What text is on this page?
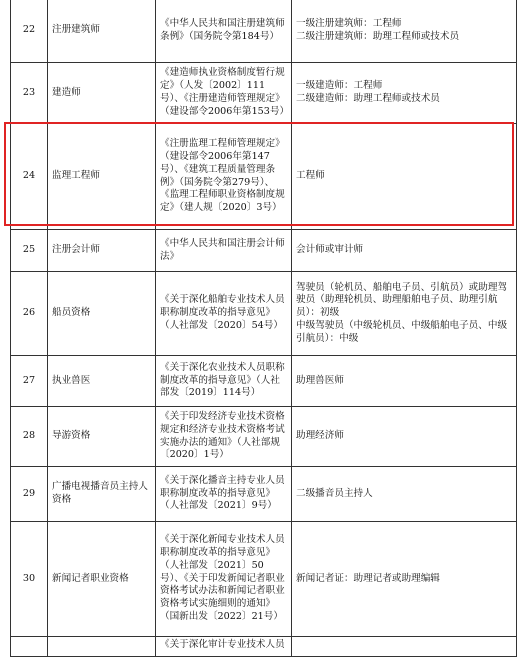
22	注册建筑师	《中华人民共和国注册建筑师条例》（国务院令第184号）	一级注册建筑师：工程师
二级注册建筑师：助理工程师或技术员

23	建造师	《建造师执业资格制度暂行规定》（人发〔2002〕111号）、《注册建造师管理规定》（建设部令2006年第153号）	一级建造师：工程师
二级建造师：助理工程师或技术员

24	监理工程师	《注册监理工程师管理规定》（建设部令2006年第147号）、《建筑工程质量管理条例》（国务院令第279号）、《监理工程师职业资格制度规定》（建人规〔2020〕3号）	工程师

25	注册会计师	《中华人民共和国注册会计师法》	会计师或审计师

26	船员资格	《关于深化船舶专业技术人员职称制度改革的指导意见》（人社部发〔2020〕54号）	驾驶员（轮机员、船舶电子员、引航员）或助理驾驶员（助理轮机员、助理船舶电子员、助理引航员）：初级
中级驾驶员（中级轮机员、中级船舶电子员、中级引航员）：中级

27	执业兽医	《关于深化农业技术人员职称制度改革的指导意见》（人社部发〔2019〕114号）	助理兽医师

28	导游资格	《关于印发经济专业技术资格规定和经济专业技术资格考试实施办法的通知》（人社部规〔2020〕1号）	助理经济师

29	广播电视播音员主持人资格	《关于深化播音主持专业人员职称制度改革的指导意见》（人社部发〔2021〕9号）	二级播音员主持人

30	新闻记者职业资格	《关于深化新闻专业技术人员职称制度改革的指导意见》（人社部发〔2021〕50号）、《关于印发新闻记者职业资格考试办法和新闻记者职业资格考试实施细则的通知》（国新出发〔2022〕21号）	新闻记者证：助理记者或助理编辑

		《关于深化审计专业技术人员	
